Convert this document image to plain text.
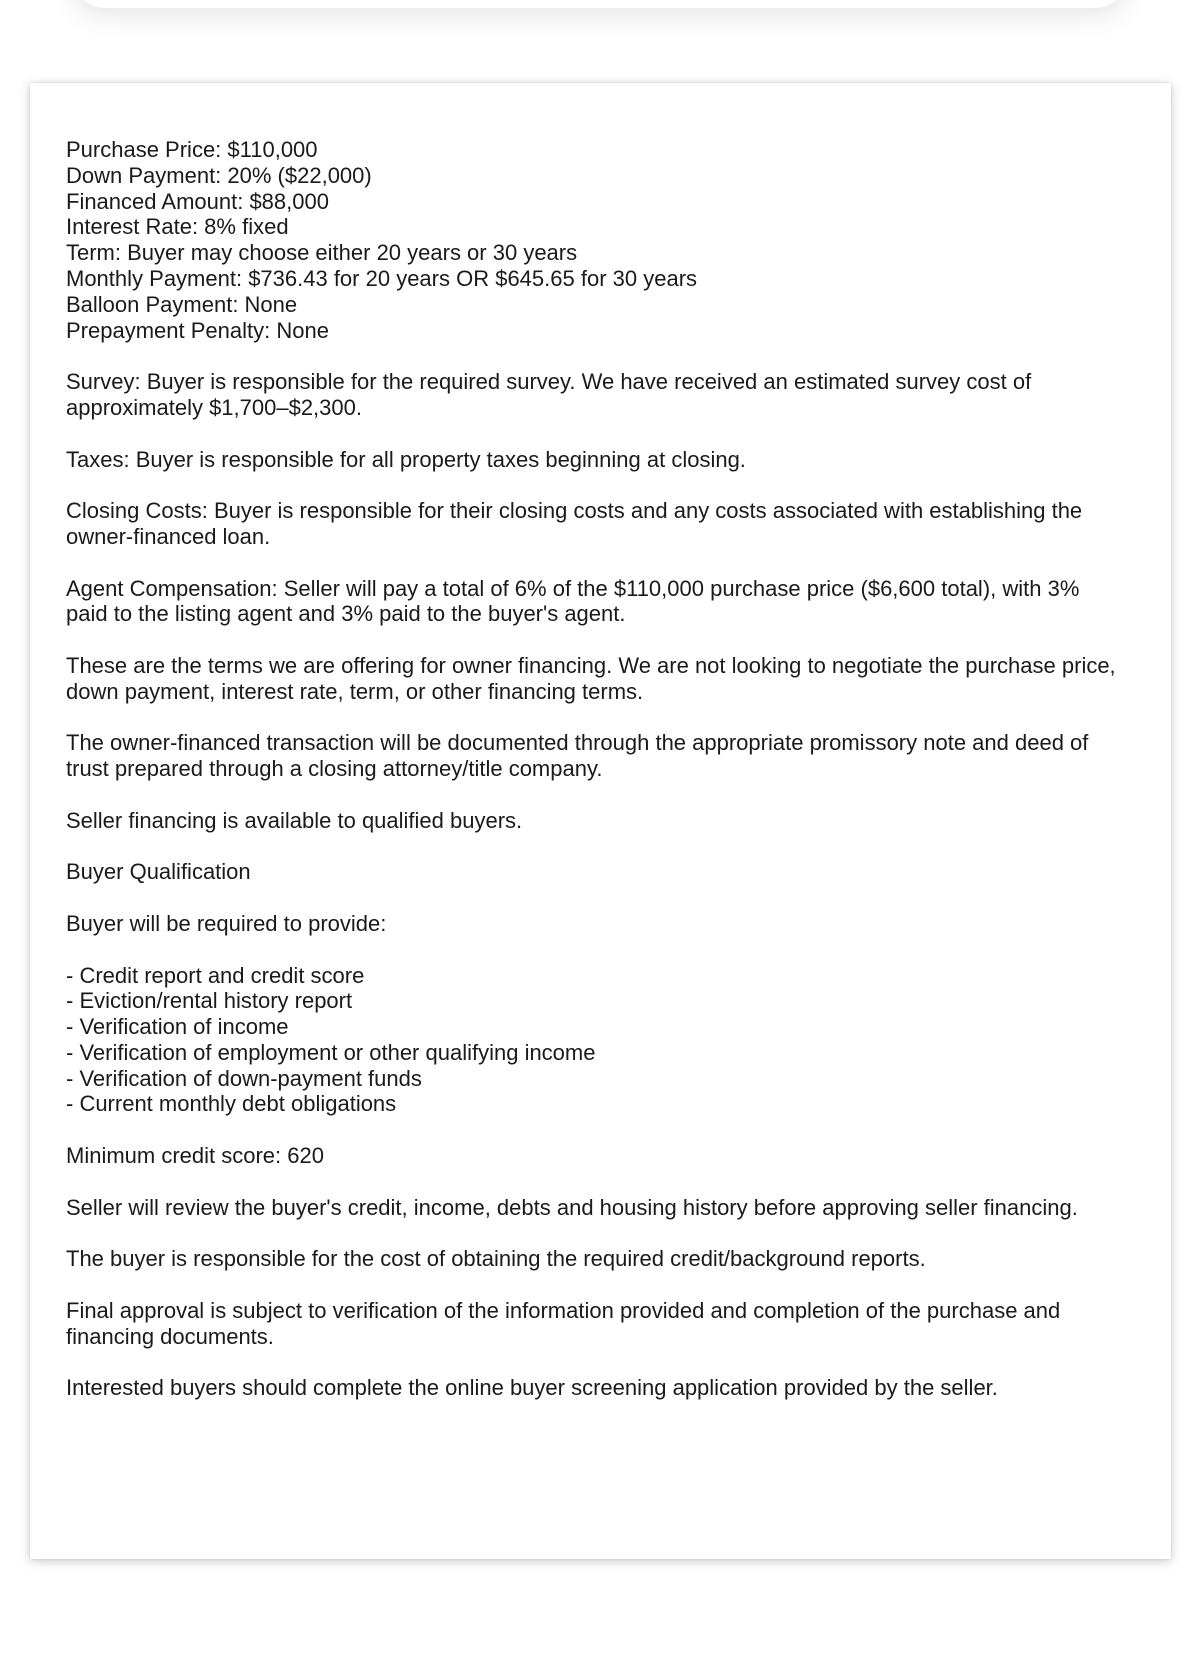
Purchase Price: $110,000
Down Payment: 20% ($22,000)
Financed Amount: $88,000
Interest Rate: 8% fixed
Term: Buyer may choose either 20 years or 30 years
Monthly Payment: $736.43 for 20 years OR $645.65 for 30 years
Balloon Payment: None
Prepayment Penalty: None
Survey: Buyer is responsible for the required survey. We have received an estimated survey cost of
approximately $1,700–$2,300.
Taxes: Buyer is responsible for all property taxes beginning at closing.
Closing Costs: Buyer is responsible for their closing costs and any costs associated with establishing the
owner-financed loan.
Agent Compensation: Seller will pay a total of 6% of the $110,000 purchase price ($6,600 total), with 3%
paid to the listing agent and 3% paid to the buyer's agent.
These are the terms we are offering for owner financing. We are not looking to negotiate the purchase price,
down payment, interest rate, term, or other financing terms.
The owner-financed transaction will be documented through the appropriate promissory note and deed of
trust prepared through a closing attorney/title company.
Seller financing is available to qualified buyers.
Buyer Qualification
Buyer will be required to provide:
- Credit report and credit score
- Eviction/rental history report
- Verification of income
- Verification of employment or other qualifying income
- Verification of down-payment funds
- Current monthly debt obligations
Minimum credit score: 620
Seller will review the buyer's credit, income, debts and housing history before approving seller financing.
The buyer is responsible for the cost of obtaining the required credit/background reports.
Final approval is subject to verification of the information provided and completion of the purchase and
financing documents.
Interested buyers should complete the online buyer screening application provided by the seller.
